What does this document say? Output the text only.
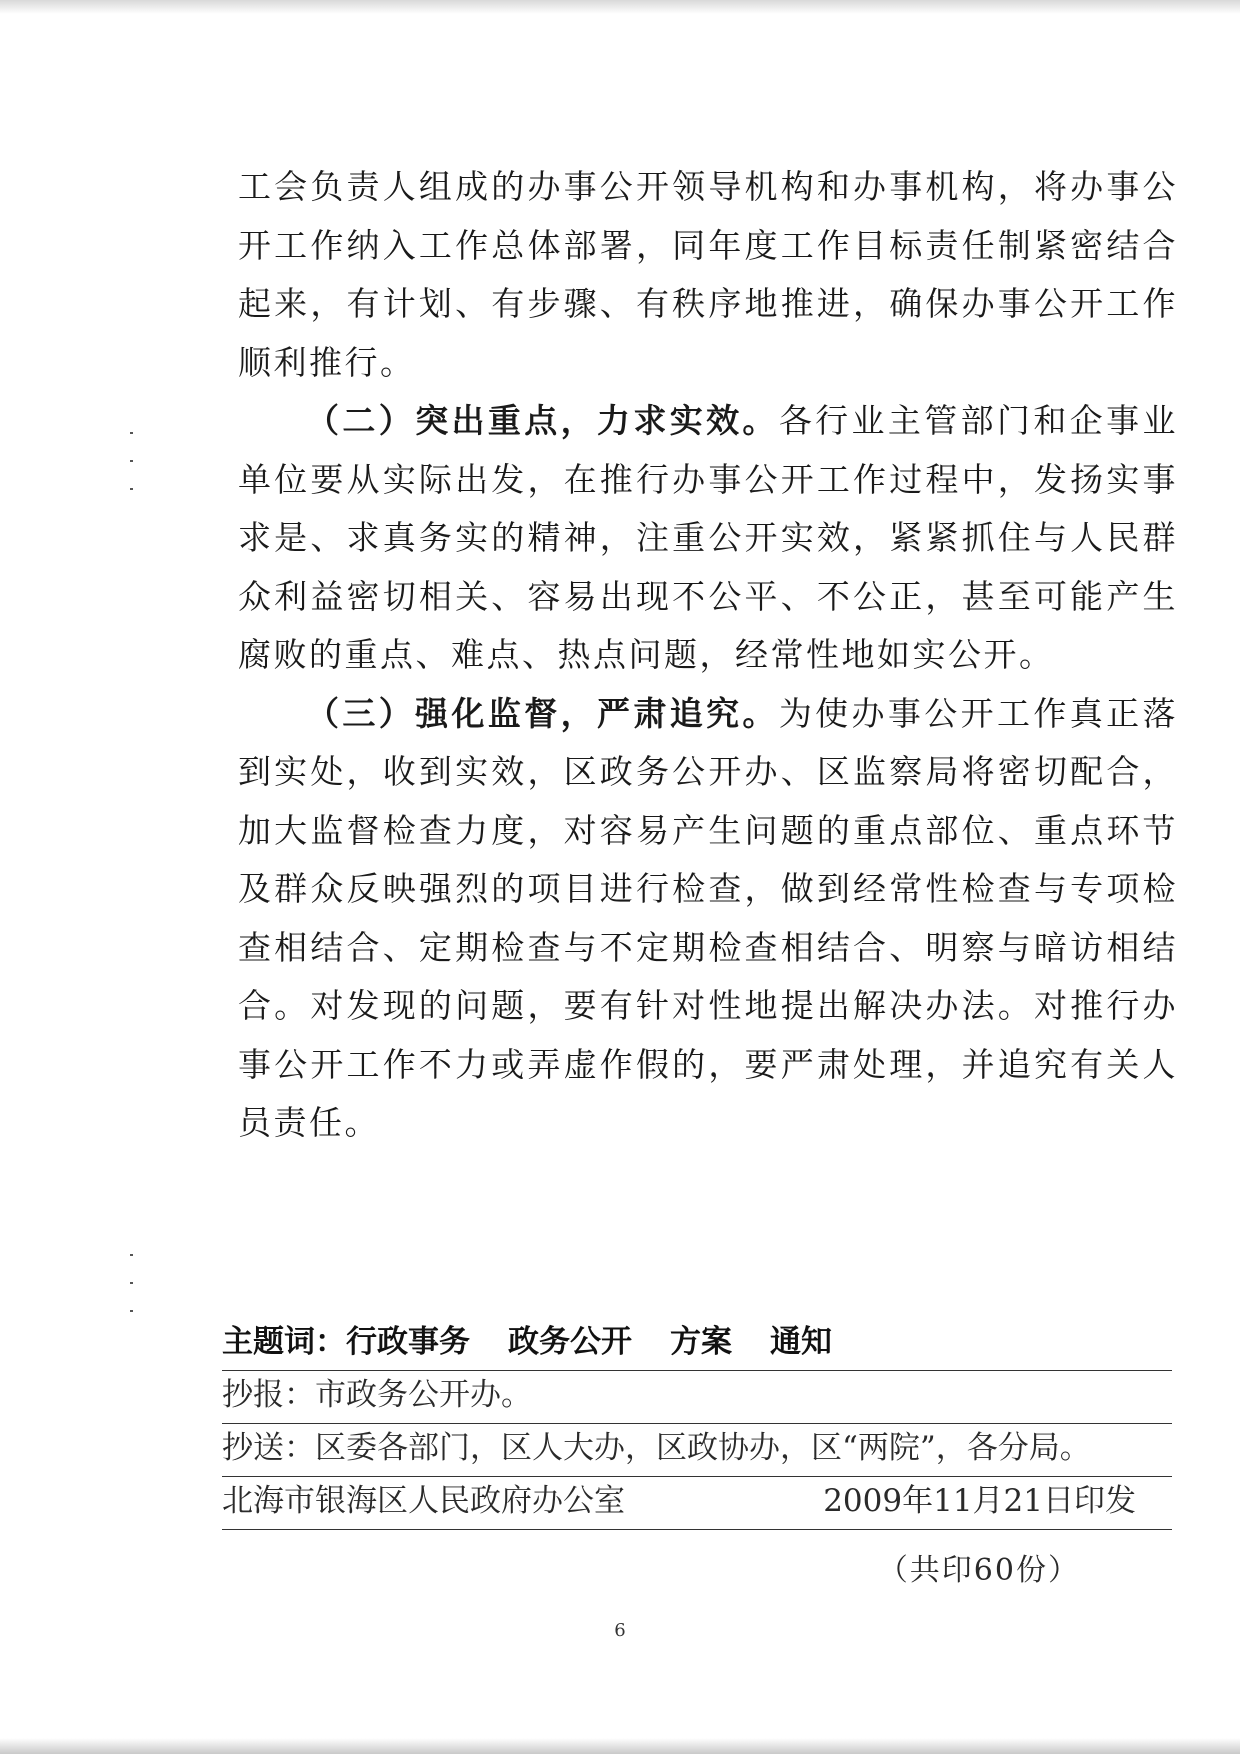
工会负责人组成的办事公开领导机构和办事机构，将办事公开工作纳入工作总体部署，同年度工作目标责任制紧密结合起来，有计划、有步骤、有秩序地推进，确保办事公开工作顺利推行。

（二）突出重点，力求实效。各行业主管部门和企事业单位要从实际出发，在推行办事公开工作过程中，发扬实事求是、求真务实的精神，注重公开实效，紧紧抓住与人民群众利益密切相关、容易出现不公平、不公正，甚至可能产生腐败的重点、难点、热点问题，经常性地如实公开。

（三）强化监督，严肃追究。为使办事公开工作真正落到实处，收到实效，区政务公开办、区监察局将密切配合，加大监督检查力度，对容易产生问题的重点部位、重点环节及群众反映强烈的项目进行检查，做到经常性检查与专项检查相结合、定期检查与不定期检查相结合、明察与暗访相结合。对发现的问题，要有针对性地提出解决办法。对推行办事公开工作不力或弄虚作假的，要严肃处理，并追究有关人员责任。

主题词：行政事务 政务公开 方案 通知
抄报：市政务公开办。
抄送：区委各部门，区人大办，区政协办，区“两院”，各分局。
北海市银海区人民政府办公室	2009年11月21日印发
（共印60份）
6
